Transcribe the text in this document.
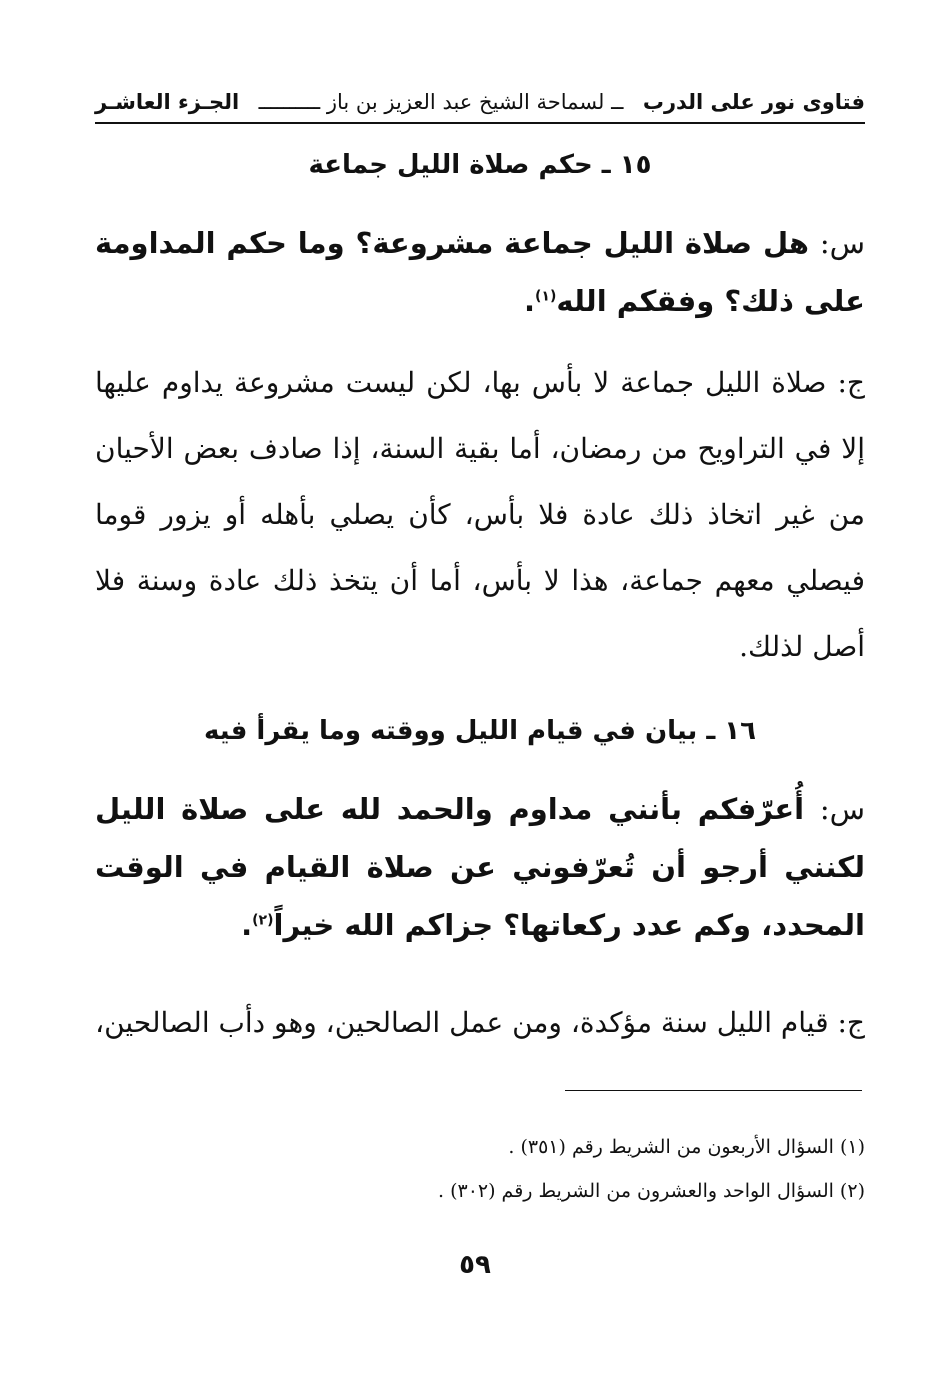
فتاوى نور على الدرب
ــ لسماحة الشيخ عبد العزيز بن باز ــــــــــ
الجـزء العاشـر
١٥ ـ حكم صلاة الليل جماعة

س: هل صلاة الليل جماعة مشروعة؟ وما حكم المداومة على ذلك؟ وفقكم الله$^{(١)}$.

ج: صلاة الليل جماعة لا بأس بها، لكن ليست مشروعة يداوم عليها إلا في التراويح من رمضان، أما بقية السنة، إذا صادف بعض الأحيان من غير اتخاذ ذلك عادة فلا بأس، كأن يصلي بأهله أو يزور قوما فيصلي معهم جماعة، هذا لا بأس، أما أن يتخذ ذلك عادة وسنة فلا أصل لذلك.

١٦ ـ بيان في قيام الليل ووقته وما يقرأ فيه

س: أُعرّفكم بأنني مداوم والحمد لله على صلاة الليل لكنني أرجو أن تُعرّفوني عن صلاة القيام في الوقت المحدد، وكم عدد ركعاتها؟ جزاكم الله خيراً$^{(٢)}$.

ج: قيام الليل سنة مؤكدة، ومن عمل الصالحين، وهو دأب الصالحين،

(١) السؤال الأربعون من الشريط رقم (٣٥١) .
(٢) السؤال الواحد والعشرون من الشريط رقم (٣٠٢) .
٥٩
